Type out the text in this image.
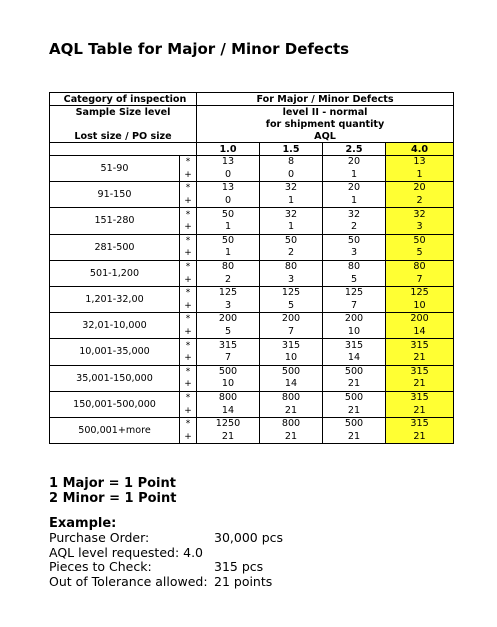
AQL Table for Major / Minor Defects
Category of inspection		For Major / Minor Defects			
Sample Size level		level II - normal			
		for shipment quantity			
Lost size / PO size		AQL			
		1.0	1.5	2.5	4.0
51-90	*	13	8	20	13
	+	0	0	1	1
91-150	*	13	32	20	20
	+	0	1	1	2
151-280	*	50	32	32	32
	+	1	1	2	3
281-500	*	50	50	50	50
	+	1	2	3	5
501-1,200	*	80	80	80	80
	+	2	3	5	7
1,201-32,00	*	125	125	125	125
	+	3	5	7	10
32,01-10,000	*	200	200	200	200
	+	5	7	10	14
10,001-35,000	*	315	315	315	315
	+	7	10	14	21
35,001-150,000	*	500	500	500	315
	+	10	14	21	21
150,001-500,000	*	800	800	500	315
	+	14	21	21	21
500,001+more	*	1250	800	500	315
	+	21	21	21	21
1 Major = 1 Point
2 Minor = 1 Point
Example:
Purchase Order:	30,000 pcs
AQL level requested: 4.0
Pieces to Check:	315 pcs
Out of Tolerance allowed: 21 points
